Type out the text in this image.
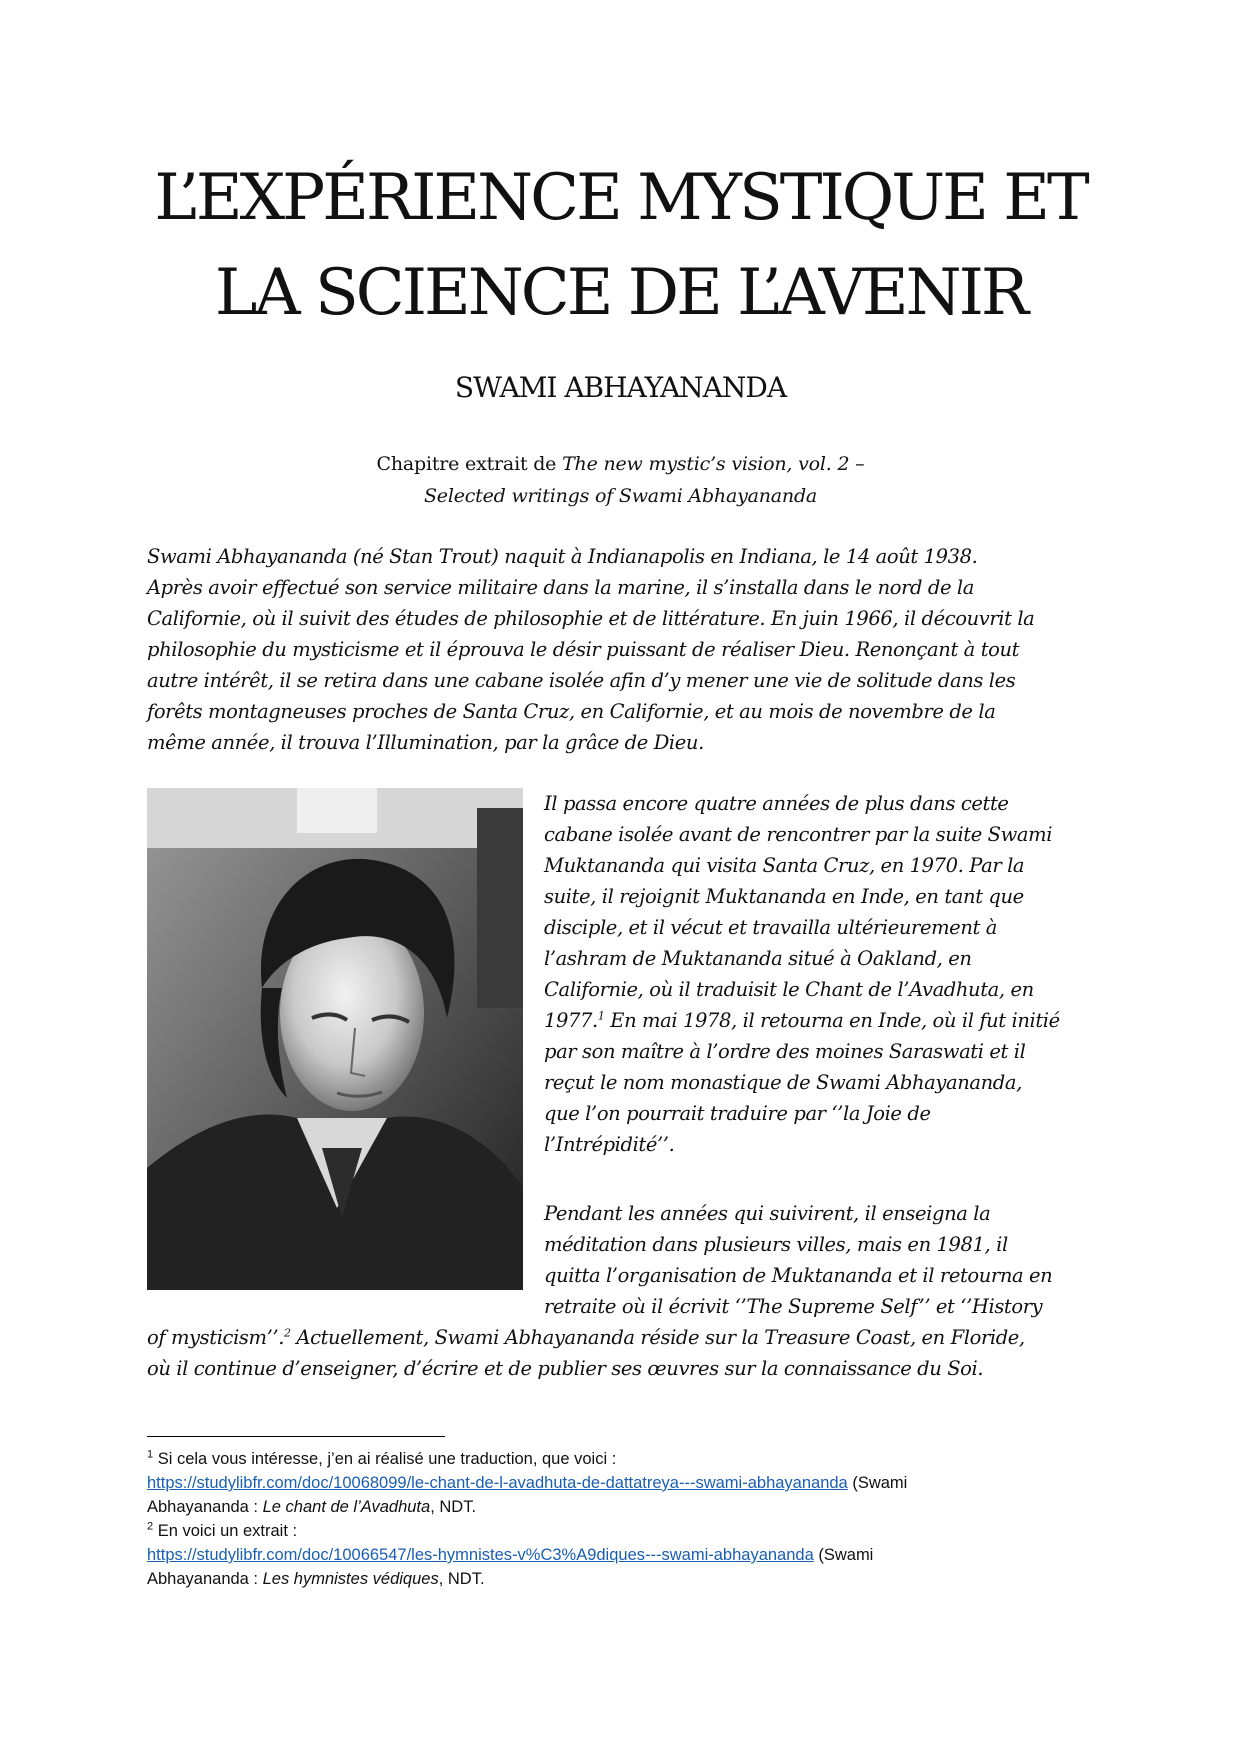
L’EXPÉRIENCE MYSTIQUE ET
LA SCIENCE DE L’AVENIR
SWAMI ABHAYANANDA
Chapitre extrait de The new mystic’s vision, vol. 2 –
Selected writings of Swami Abhayananda
Swami Abhayananda (né Stan Trout) naquit à Indianapolis en Indiana, le 14 août 1938.
Après avoir effectué son service militaire dans la marine, il s’installa dans le nord de la
Californie, où il suivit des études de philosophie et de littérature. En juin 1966, il découvrit la
philosophie du mysticisme et il éprouva le désir puissant de réaliser Dieu. Renonçant à tout
autre intérêt, il se retira dans une cabane isolée afin d’y mener une vie de solitude dans les
forêts montagneuses proches de Santa Cruz, en Californie, et au mois de novembre de la
même année, il trouva l’Illumination, par la grâce de Dieu.
Il passa encore quatre années de plus dans cette
cabane isolée avant de rencontrer par la suite Swami
Muktananda qui visita Santa Cruz, en 1970. Par la
suite, il rejoignit Muktananda en Inde, en tant que
disciple, et il vécut et travailla ultérieurement à
l’ashram de Muktananda situé à Oakland, en
Californie, où il traduisit le Chant de l’Avadhuta, en
1977.$^1$ En mai 1978, il retourna en Inde, où il fut initié
par son maître à l’ordre des moines Saraswati et il
reçut le nom monastique de Swami Abhayananda,
que l’on pourrait traduire par ‘’la Joie de
l’Intrépidité’’.
Pendant les années qui suivirent, il enseigna la
méditation dans plusieurs villes, mais en 1981, il
quitta l’organisation de Muktananda et il retourna en
retraite où il écrivit ‘’The Supreme Self’’ et ‘’History
of mysticism’’.$^2$ Actuellement, Swami Abhayananda réside sur la Treasure Coast, en Floride,
où il continue d’enseigner, d’écrire et de publier ses œuvres sur la connaissance du Soi.
$^1$ Si cela vous intéresse, j’en ai réalisé une traduction, que voici :
https://studylibfr.com/doc/10068099/le-chant-de-l-avadhuta-de-dattatreya---swami-abhayananda (Swami
Abhayananda : Le chant de l’Avadhuta, NDT.
$^2$ En voici un extrait :
https://studylibfr.com/doc/10066547/les-hymnistes-v%C3%A9diques---swami-abhayananda (Swami
Abhayananda : Les hymnistes védiques, NDT.
